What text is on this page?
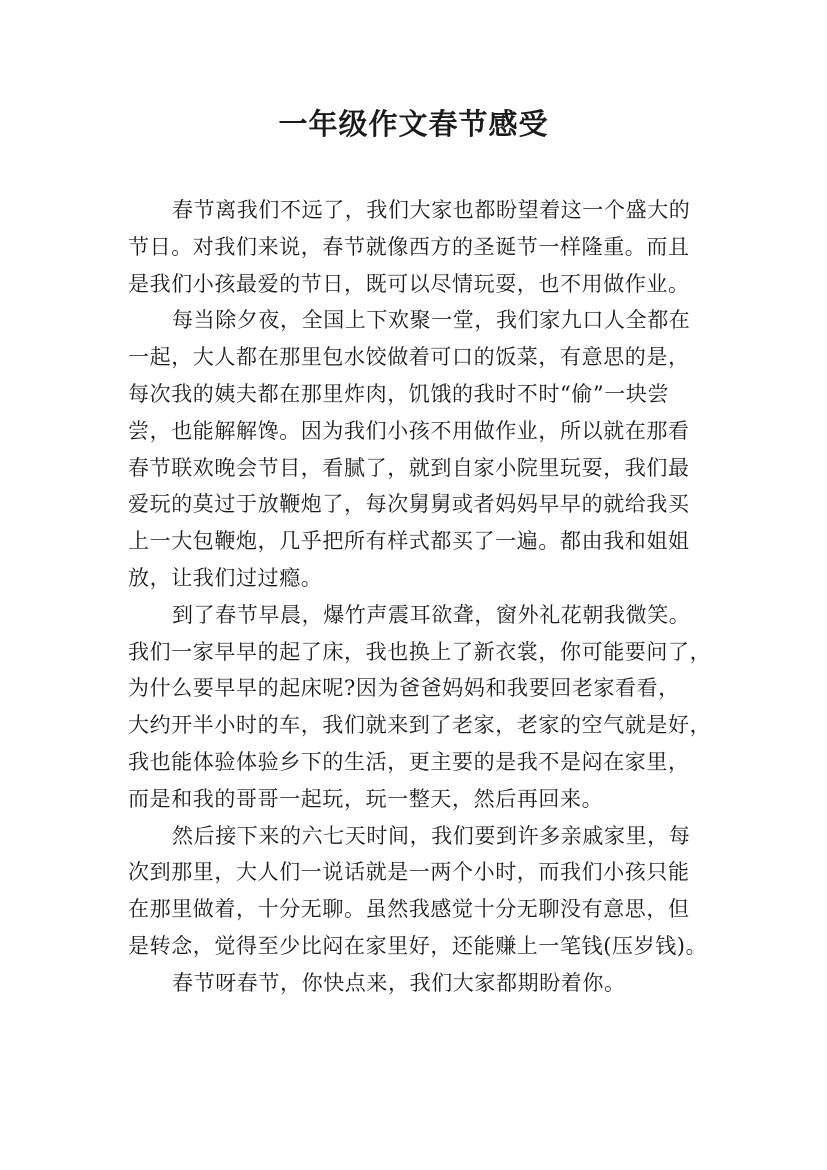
一年级作文春节感受
春节离我们不远了，我们大家也都盼望着这一个盛大的
节日。对我们来说，春节就像西方的圣诞节一样隆重。而且
是我们小孩最爱的节日，既可以尽情玩耍，也不用做作业。
每当除夕夜，全国上下欢聚一堂，我们家九口人全都在
一起，大人都在那里包水饺做着可口的饭菜，有意思的是，
每次我的姨夫都在那里炸肉，饥饿的我时不时“偷”一块尝
尝，也能解解馋。因为我们小孩不用做作业，所以就在那看
春节联欢晚会节目，看腻了，就到自家小院里玩耍，我们最
爱玩的莫过于放鞭炮了，每次舅舅或者妈妈早早的就给我买
上一大包鞭炮，几乎把所有样式都买了一遍。都由我和姐姐
放，让我们过过瘾。
到了春节早晨，爆竹声震耳欲聋，窗外礼花朝我微笑。
我们一家早早的起了床，我也换上了新衣裳，你可能要问了，
为什么要早早的起床呢?因为爸爸妈妈和我要回老家看看，
大约开半小时的车，我们就来到了老家，老家的空气就是好，
我也能体验体验乡下的生活，更主要的是我不是闷在家里，
而是和我的哥哥一起玩，玩一整天，然后再回来。
然后接下来的六七天时间，我们要到许多亲戚家里，每
次到那里，大人们一说话就是一两个小时，而我们小孩只能
在那里做着，十分无聊。虽然我感觉十分无聊没有意思，但
是转念，觉得至少比闷在家里好，还能赚上一笔钱(压岁钱)。
春节呀春节，你快点来，我们大家都期盼着你。
